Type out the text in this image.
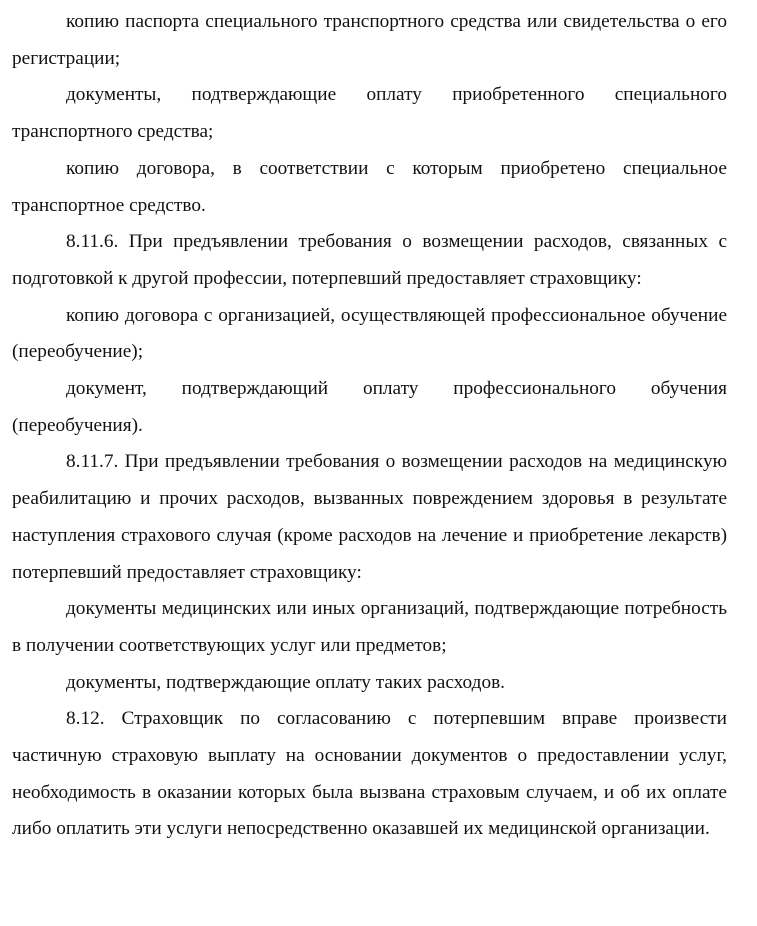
копию паспорта специального транспортного средства или свидетельства о его регистрации;

документы, подтверждающие оплату приобретенного специального транспортного средства;

копию договора, в соответствии с которым приобретено специальное транспортное средство.

8.11.6. При предъявлении требования о возмещении расходов, связанных с подготовкой к другой профессии, потерпевший предоставляет страховщику:

копию договора с организацией, осуществляющей профессиональное обучение (переобучение);

документ, подтверждающий оплату профессионального обучения (переобучения).

8.11.7. При предъявлении требования о возмещении расходов на медицинскую реабилитацию и прочих расходов, вызванных повреждением здоровья в результате наступления страхового случая (кроме расходов на лечение и приобретение лекарств) потерпевший предоставляет страховщику:

документы медицинских или иных организаций, подтверждающие потребность в получении соответствующих услуг или предметов;

документы, подтверждающие оплату таких расходов.

8.12. Страховщик по согласованию с потерпевшим вправе произвести частичную страховую выплату на основании документов о предоставлении услуг, необходимость в оказании которых была вызвана страховым случаем, и об их оплате либо оплатить эти услуги непосредственно оказавшей их медицинской организации.
